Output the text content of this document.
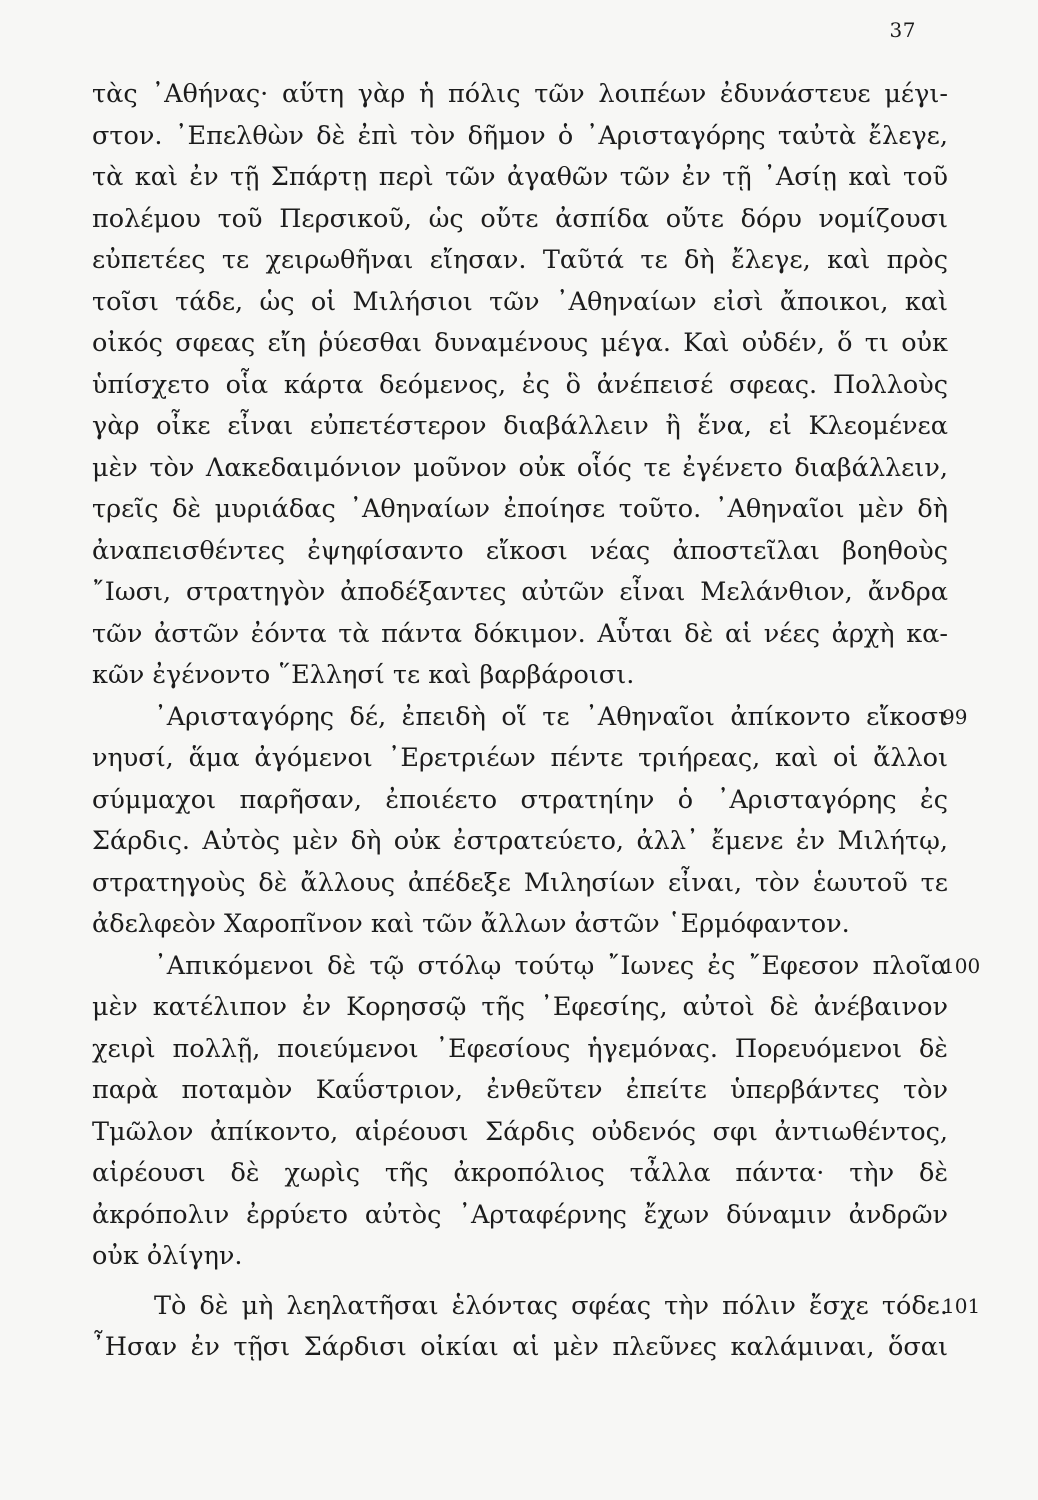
37
τὰς ᾿Αθήνας· αὕτη γὰρ ἡ πόλις τῶν λοιπέων ἐδυνάστευε μέγι-
στον. ᾿Επελθὼν δὲ ἐπὶ τὸν δῆμον ὁ ᾿Αρισταγόρης ταὐτὰ ἔλεγε,
τὰ καὶ ἐν τῇ Σπάρτῃ περὶ τῶν ἀγαθῶν τῶν ἐν τῇ ᾿Ασίῃ καὶ τοῦ
πολέμου τοῦ Περσικοῦ, ὡς οὔτε ἀσπίδα οὔτε δόρυ νομίζουσι
εὐπετέες τε χειρωθῆναι εἴησαν. Ταῦτά τε δὴ ἔλεγε, καὶ πρὸς
τοῖσι τάδε, ὡς οἱ Μιλήσιοι τῶν ᾿Αθηναίων εἰσὶ ἄποικοι, καὶ
οἰκός σφεας εἴη ῥύεσθαι δυναμένους μέγα. Καὶ οὐδέν, ὅ τι οὐκ
ὑπίσχετο οἷα κάρτα δεόμενος, ἐς ὃ ἀνέπεισέ σφεας. Πολλοὺς
γὰρ οἶκε εἶναι εὐπετέστερον διαβάλλειν ἢ ἕνα, εἰ Κλεομένεα
μὲν τὸν Λακεδαιμόνιον μοῦνον οὐκ οἷός τε ἐγένετο διαβάλλειν,
τρεῖς δὲ μυριάδας ᾿Αθηναίων ἐποίησε τοῦτο. ᾿Αθηναῖοι μὲν δὴ
ἀναπεισθέντες ἐψηφίσαντο εἴκοσι νέας ἀποστεῖλαι βοηθοὺς
῎Ιωσι, στρατηγὸν ἀποδέξαντες αὐτῶν εἶναι Μελάνθιον, ἄνδρα
τῶν ἀστῶν ἐόντα τὰ πάντα δόκιμον. Αὗται δὲ αἱ νέες ἀρχὴ κα-
κῶν ἐγένοντο ῞Ελλησί τε καὶ βαρβάροισι.
᾿Αρισταγόρης δέ, ἐπειδὴ οἵ τε ᾿Αθηναῖοι ἀπίκοντο εἴκοσι
99
νηυσί, ἅμα ἀγόμενοι ᾿Ερετριέων πέντε τριήρεας, καὶ οἱ ἄλλοι
σύμμαχοι παρῆσαν, ἐποιέετο στρατηίην ὁ ᾿Αρισταγόρης ἐς
Σάρδις. Αὐτὸς μὲν δὴ οὐκ ἐστρατεύετο, ἀλλ᾿ ἔμενε ἐν Μιλήτῳ,
στρατηγοὺς δὲ ἄλλους ἀπέδεξε Μιλησίων εἶναι, τὸν ἑωυτοῦ τε
ἀδελφεὸν Χαροπῖνον καὶ τῶν ἄλλων ἀστῶν ῾Ερμόφαντον.
᾿Απικόμενοι δὲ τῷ στόλῳ τούτῳ ῎Ιωνες ἐς ῎Εφεσον πλοῖα
100
μὲν κατέλιπον ἐν Κορησσῷ τῆς ᾿Εφεσίης, αὐτοὶ δὲ ἀνέβαινον
χειρὶ πολλῇ, ποιεύμενοι ᾿Εφεσίους ἡγεμόνας. Πορευόμενοι δὲ
παρὰ ποταμὸν Καΰστριον, ἐνθεῦτεν ἐπείτε ὑπερβάντες τὸν
Τμῶλον ἀπίκοντο, αἱρέουσι Σάρδις οὐδενός σφι ἀντιωθέντος,
αἱρέουσι δὲ χωρὶς τῆς ἀκροπόλιος τἆλλα πάντα· τὴν δὲ
ἀκρόπολιν ἐρρύετο αὐτὸς ᾿Αρταφέρνης ἔχων δύναμιν ἀνδρῶν
οὐκ ὀλίγην.
Τὸ δὲ μὴ λεηλατῆσαι ἑλόντας σφέας τὴν πόλιν ἔσχε τόδε.
101
῏Ησαν ἐν τῇσι Σάρδισι οἰκίαι αἱ μὲν πλεῦνες καλάμιναι, ὅσαι
